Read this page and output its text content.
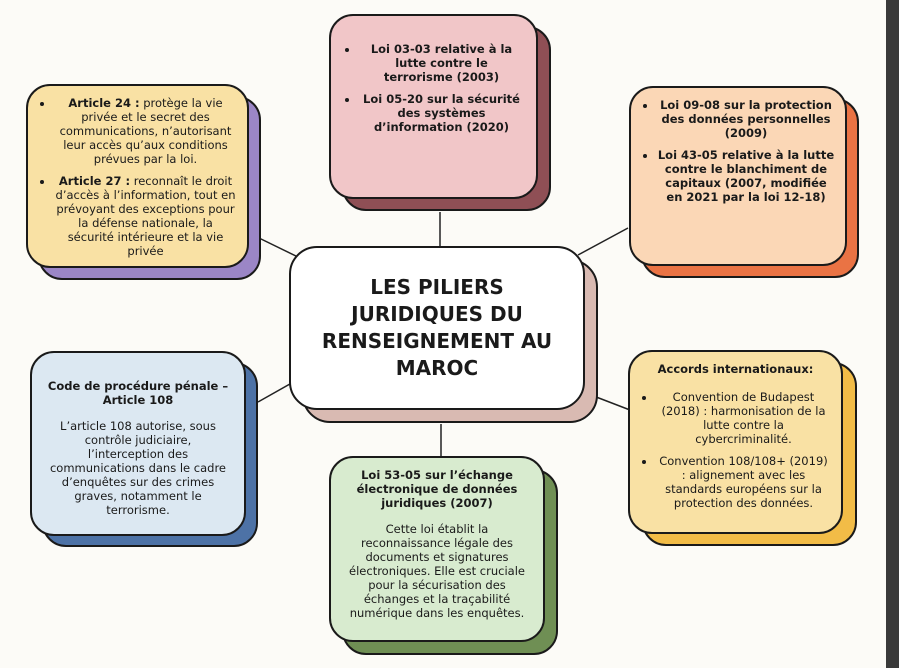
• Loi 03-03 relative à la lutte contre le terrorisme (2003)
• Loi 05-20 sur la sécurité des systèmes d’information (2020)
• Article 24 : protège la vie privée et le secret des communications, n’autorisant leur accès qu’aux conditions prévues par la loi.
• Article 27 : reconnaît le droit d’accès à l’information, tout en prévoyant des exceptions pour la défense nationale, la sécurité intérieure et la vie privée
• Loi 09-08 sur la protection des données personnelles (2009)
• Loi 43-05 relative à la lutte contre le blanchiment de capitaux (2007, modifiée en 2021 par la loi 12-18)
LES PILIERS JURIDIQUES DU RENSEIGNEMENT AU MAROC
Code de procédure pénale – Article 108
L’article 108 autorise, sous contrôle judiciaire, l’interception des communications dans le cadre d’enquêtes sur des crimes graves, notamment le terrorisme.
Loi 53-05 sur l’échange électronique de données juridiques (2007)
Cette loi établit la reconnaissance légale des documents et signatures électroniques. Elle est cruciale pour la sécurisation des échanges et la traçabilité numérique dans les enquêtes.
Accords internationaux:
• Convention de Budapest (2018) : harmonisation de la lutte contre la cybercriminalité.
• Convention 108/108+ (2019) : alignement avec les standards européens sur la protection des données.
